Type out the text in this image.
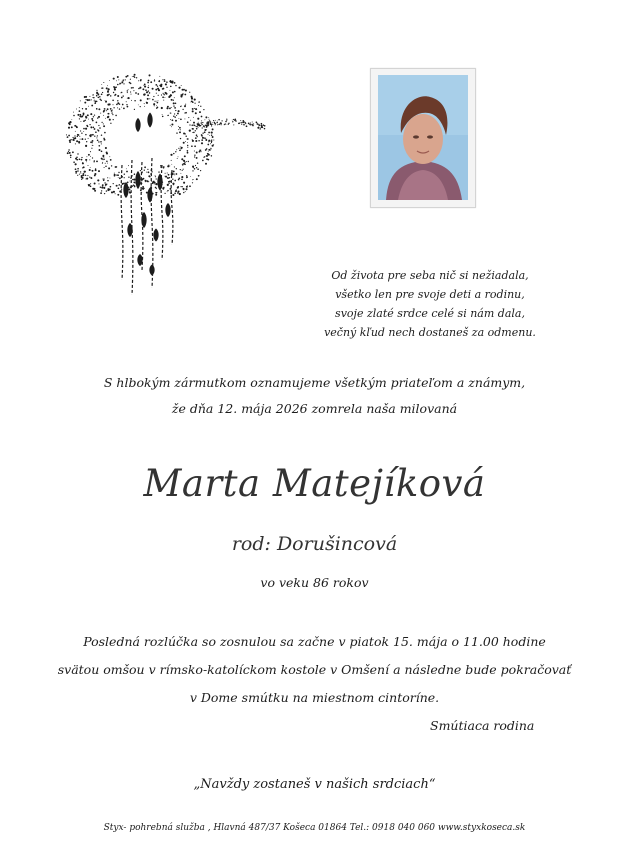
Od života pre seba nič si nežiadala,
všetko len pre svoje deti a rodinu,
svoje zlaté srdce celé si nám dala,
večný kľud nech dostaneš za odmenu.
S hlbokým zármutkom oznamujeme všetkým priateľom a známym,
že dňa 12. mája 2026 zomrela naša milovaná
Marta Matejíková
rod: Dorušincová
vo veku 86 rokov
Posledná rozlúčka so zosnulou sa začne v piatok 15. mája o 11.00 hodine
svätou omšou v rímsko-katolíckom kostole v Omšení a následne bude pokračovať
v Dome smútku na miestnom cintoríne.
Smútiaca rodina
„Navždy zostaneš v našich srdciach“
Styx- pohrebná služba , Hlavná 487/37 Košeca 01864 Tel.: 0918 040 060 www.styxkoseca.sk
